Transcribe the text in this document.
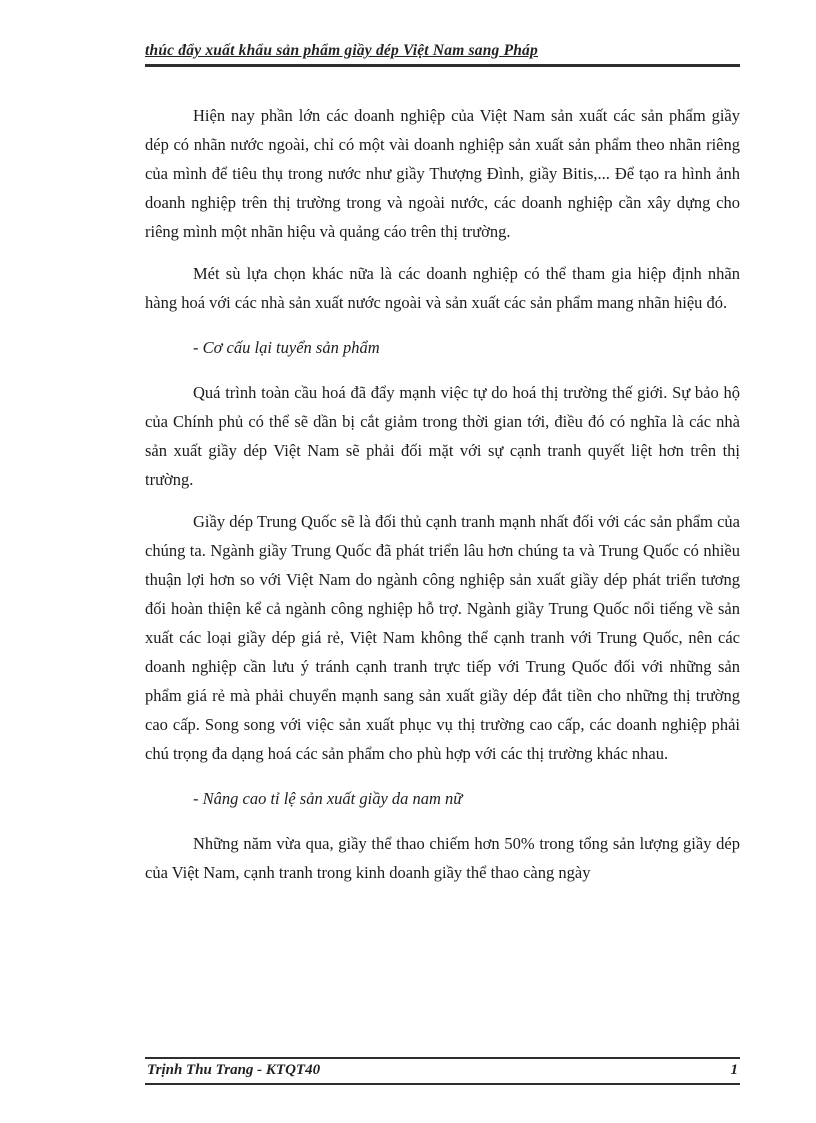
thúc đẩy xuất khẩu sản phẩm giầy dép Việt Nam sang Pháp

Hiện nay phần lớn các doanh nghiệp của Việt Nam sản xuất các sản phẩm giầy dép có nhãn nước ngoài, chỉ có một vài doanh nghiệp sản xuất sản phẩm theo nhãn riêng của mình để tiêu thụ trong nước như giầy Thượng Đình, giầy Bitis,... Để tạo ra hình ảnh doanh nghiệp trên thị trường trong và ngoài nước, các doanh nghiệp cần xây dựng cho riêng mình một nhãn hiệu và quảng cáo trên thị trường.

Mét sù lựa chọn khác nữa là các doanh nghiệp có thể tham gia hiệp định nhãn hàng hoá với các nhà sản xuất nước ngoài và sản xuất các sản phẩm mang nhãn hiệu đó.

- Cơ cấu lại tuyển sản phẩm

Quá trình toàn cầu hoá đã đẩy mạnh việc tự do hoá thị trường thế giới. Sự bảo hộ của Chính phủ có thể sẽ dần bị cắt giảm trong thời gian tới, điều đó có nghĩa là các nhà sản xuất giầy dép Việt Nam sẽ phải đối mặt với sự cạnh tranh quyết liệt hơn trên thị trường.

Giầy dép Trung Quốc sẽ là đối thủ cạnh tranh mạnh nhất đối với các sản phẩm của chúng ta. Ngành giầy Trung Quốc đã phát triển lâu hơn chúng ta và Trung Quốc có nhiều thuận lợi hơn so với Việt Nam do ngành công nghiệp sản xuất giầy dép phát triển tương đối hoàn thiện kể cả ngành công nghiệp hỗ trợ. Ngành giầy Trung Quốc nổi tiếng về sản xuất các loại giầy dép giá rẻ, Việt Nam không thể cạnh tranh với Trung Quốc, nên các doanh nghiệp cần lưu ý tránh cạnh tranh trực tiếp với Trung Quốc đối với những sản phẩm giá rẻ mà phải chuyển mạnh sang sản xuất giầy dép đắt tiền cho những thị trường cao cấp. Song song với việc sản xuất phục vụ thị trường cao cấp, các doanh nghiệp phải chú trọng đa dạng hoá các sản phẩm cho phù hợp với các thị trường khác nhau.

- Nâng cao tỉ lệ sản xuất giầy da nam nữ

Những năm vừa qua, giầy thể thao chiếm hơn 50% trong tổng sản lượng giầy dép của Việt Nam, cạnh tranh trong kinh doanh giầy thể thao càng ngày

Trịnh Thu Trang - KTQT40	1
